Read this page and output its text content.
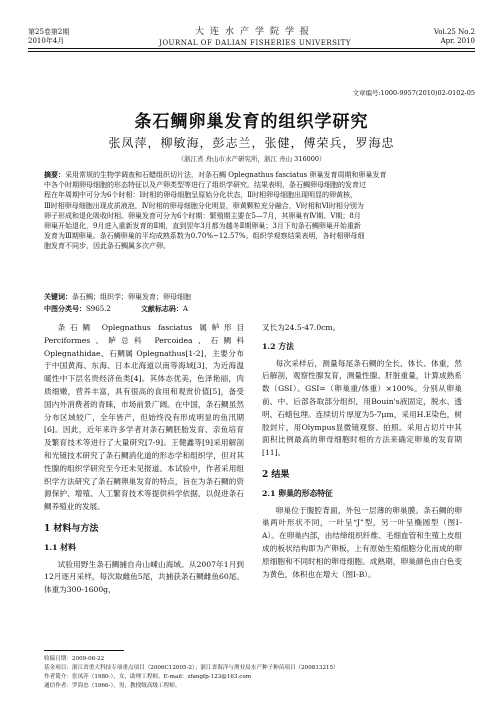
第25卷第2期
2010年4月
大连水产学院学报
JOURNAL OF DALIAN FISHERIES UNIVERSITY
Vol.25 No.2
Apr. 2010
文章编号:1000-9957(2010)02-0102-05
条石鲷卵巢发育的组织学研究
张凤萍，柳敏海，彭志兰，张健，傅荣兵，罗海忠
（浙江省 舟山市水产研究所，浙江 舟山 316000）

摘要：采用常规的生物学调查和石蜡组织切片法，对条石鲷 Oplegnathus fasciatus 卵巢发育周期和卵巢发育

中各个时期卵母细胞的形态特征以及产卵类型等进行了组织学研究。结果表明，条石鲷卵母细胞的发育过

程在年周期中可分为6个时相：Ⅰ时相的卵母细胞呈原始分化状态，Ⅱ时相卵母细胞出现明显的卵黄核，

Ⅲ时相卵母细胞出现皮质液泡，Ⅳ时相的卵母细胞分化明显，卵黄颗粒充分融合，Ⅴ时相和Ⅵ时相分别为

卵子形成和退化吸收时相。卵巢发育可分为6个时期：繁殖期主要在5—7月，其卵巢有Ⅳ期、Ⅴ期；8月

卵巢开始退化，9月进入重新发育的Ⅱ期，直到翌年3月都为越冬Ⅱ期卵巢；3月下旬条石鲷卵巢开始重新

发育为Ⅲ期卵巢。条石鲷卵巢的平均成熟系数为0.70%~12.57%。组织学观察结果表明，各时相卵母细

胞发育不同步，因此条石鲷属多次产卵。

关键词：条石鲷；组织学；卵巢发育；卵母细胞
中图分类号：S965.2	文献标志码：A

条石鲷 Oplegnathus fasciatus 属鲈形目 Perciformes、鲈总科 Percoidea、石鲷科 Oplegnathidae、石鲷属 Oplegnathus[1-2]，主要分布于中国黄海、东海、日本北海道以南等海域[3]，为近海温暖性中下层名贵经济鱼类[4]。其体态优美，色泽艳丽，肉质细嫩，营养丰富，具有很高的食用和观赏价值[5]，备受国内外消费者的青睐，市场前景广阔。在中国，条石鲷虽然分布区域较广，全年皆产，但始终没有形成明显的鱼汛期[6]。因此，近年来许多学者对条石鲷胚胎发育、亲鱼培育及繁育技术等进行了大量研究[7-9]。王健鑫等[9]采用解剖和光镜技术研究了条石鲷消化道的形态学和组织学，但对其性腺的组织学研究至今还未见报道。本试验中，作者采用组织学方法研究了条石鲷卵巢发育的特点，旨在为条石鲷的资源保护、增殖、人工繁育技术等提供科学依据，以促进条石鲷养殖业的发展。

1 材料与方法
1.1 材料

试验用野生条石鲷捕自舟山嵊山海域。从2007年1月到12月逐月采样，每次取雌鱼5尾，共捕获条石鲷雌鱼60尾。体重为300-1600g，

叉长为24.5-47.0cm。

1.2 方法

每次采样后，测量每尾条石鲷的全长、体长、体重，然后解剖，观察性腺发育，测量性腺、肝脏重量，计算成熟系数（GSI）。GSI=（卵巢重/体重）×100%。分别从卵巢前、中、后部各取部分组织，用Bouin's液固定，脱水、透明、石蜡包埋。连续切片厚度为5-7μm，采用H.E染色，树胶封片，用Olympus显微镜观察、拍照。采用占切片中其面积比例最高的卵母细胞时相的方法来确定卵巢的发育期[11]。

2 结果
2.1 卵巢的形态特征

卵巢位于腹腔背面，外包一层薄的卵巢膜。条石鲷的卵巢两叶形状不同，一叶呈“J”型，另一叶呈椭圆型（图Ⅰ-A）。在卵巢内部，由结缔组织纤维、毛细血管和生殖上皮组成的板状结构即为产卵板，上有原始生殖细胞分化而成的卵原细胞和不同时相的卵母细胞。成熟期，卵巢颜色由白色变为黄色，体积也在增大（图Ⅰ-B）。

收稿日期：2009-06-22
基金项目：浙江省重大科技专项重点项目（2006C12005-2）；浙江省海洋与渔业局水产种子种苗项目（200813215）
作者简介：张凤萍（1980-），女，助理工程师。E-mail：zfangfp-123@163.com
通信作者：罗海忠（1966-），男，教授级高级工程师。
